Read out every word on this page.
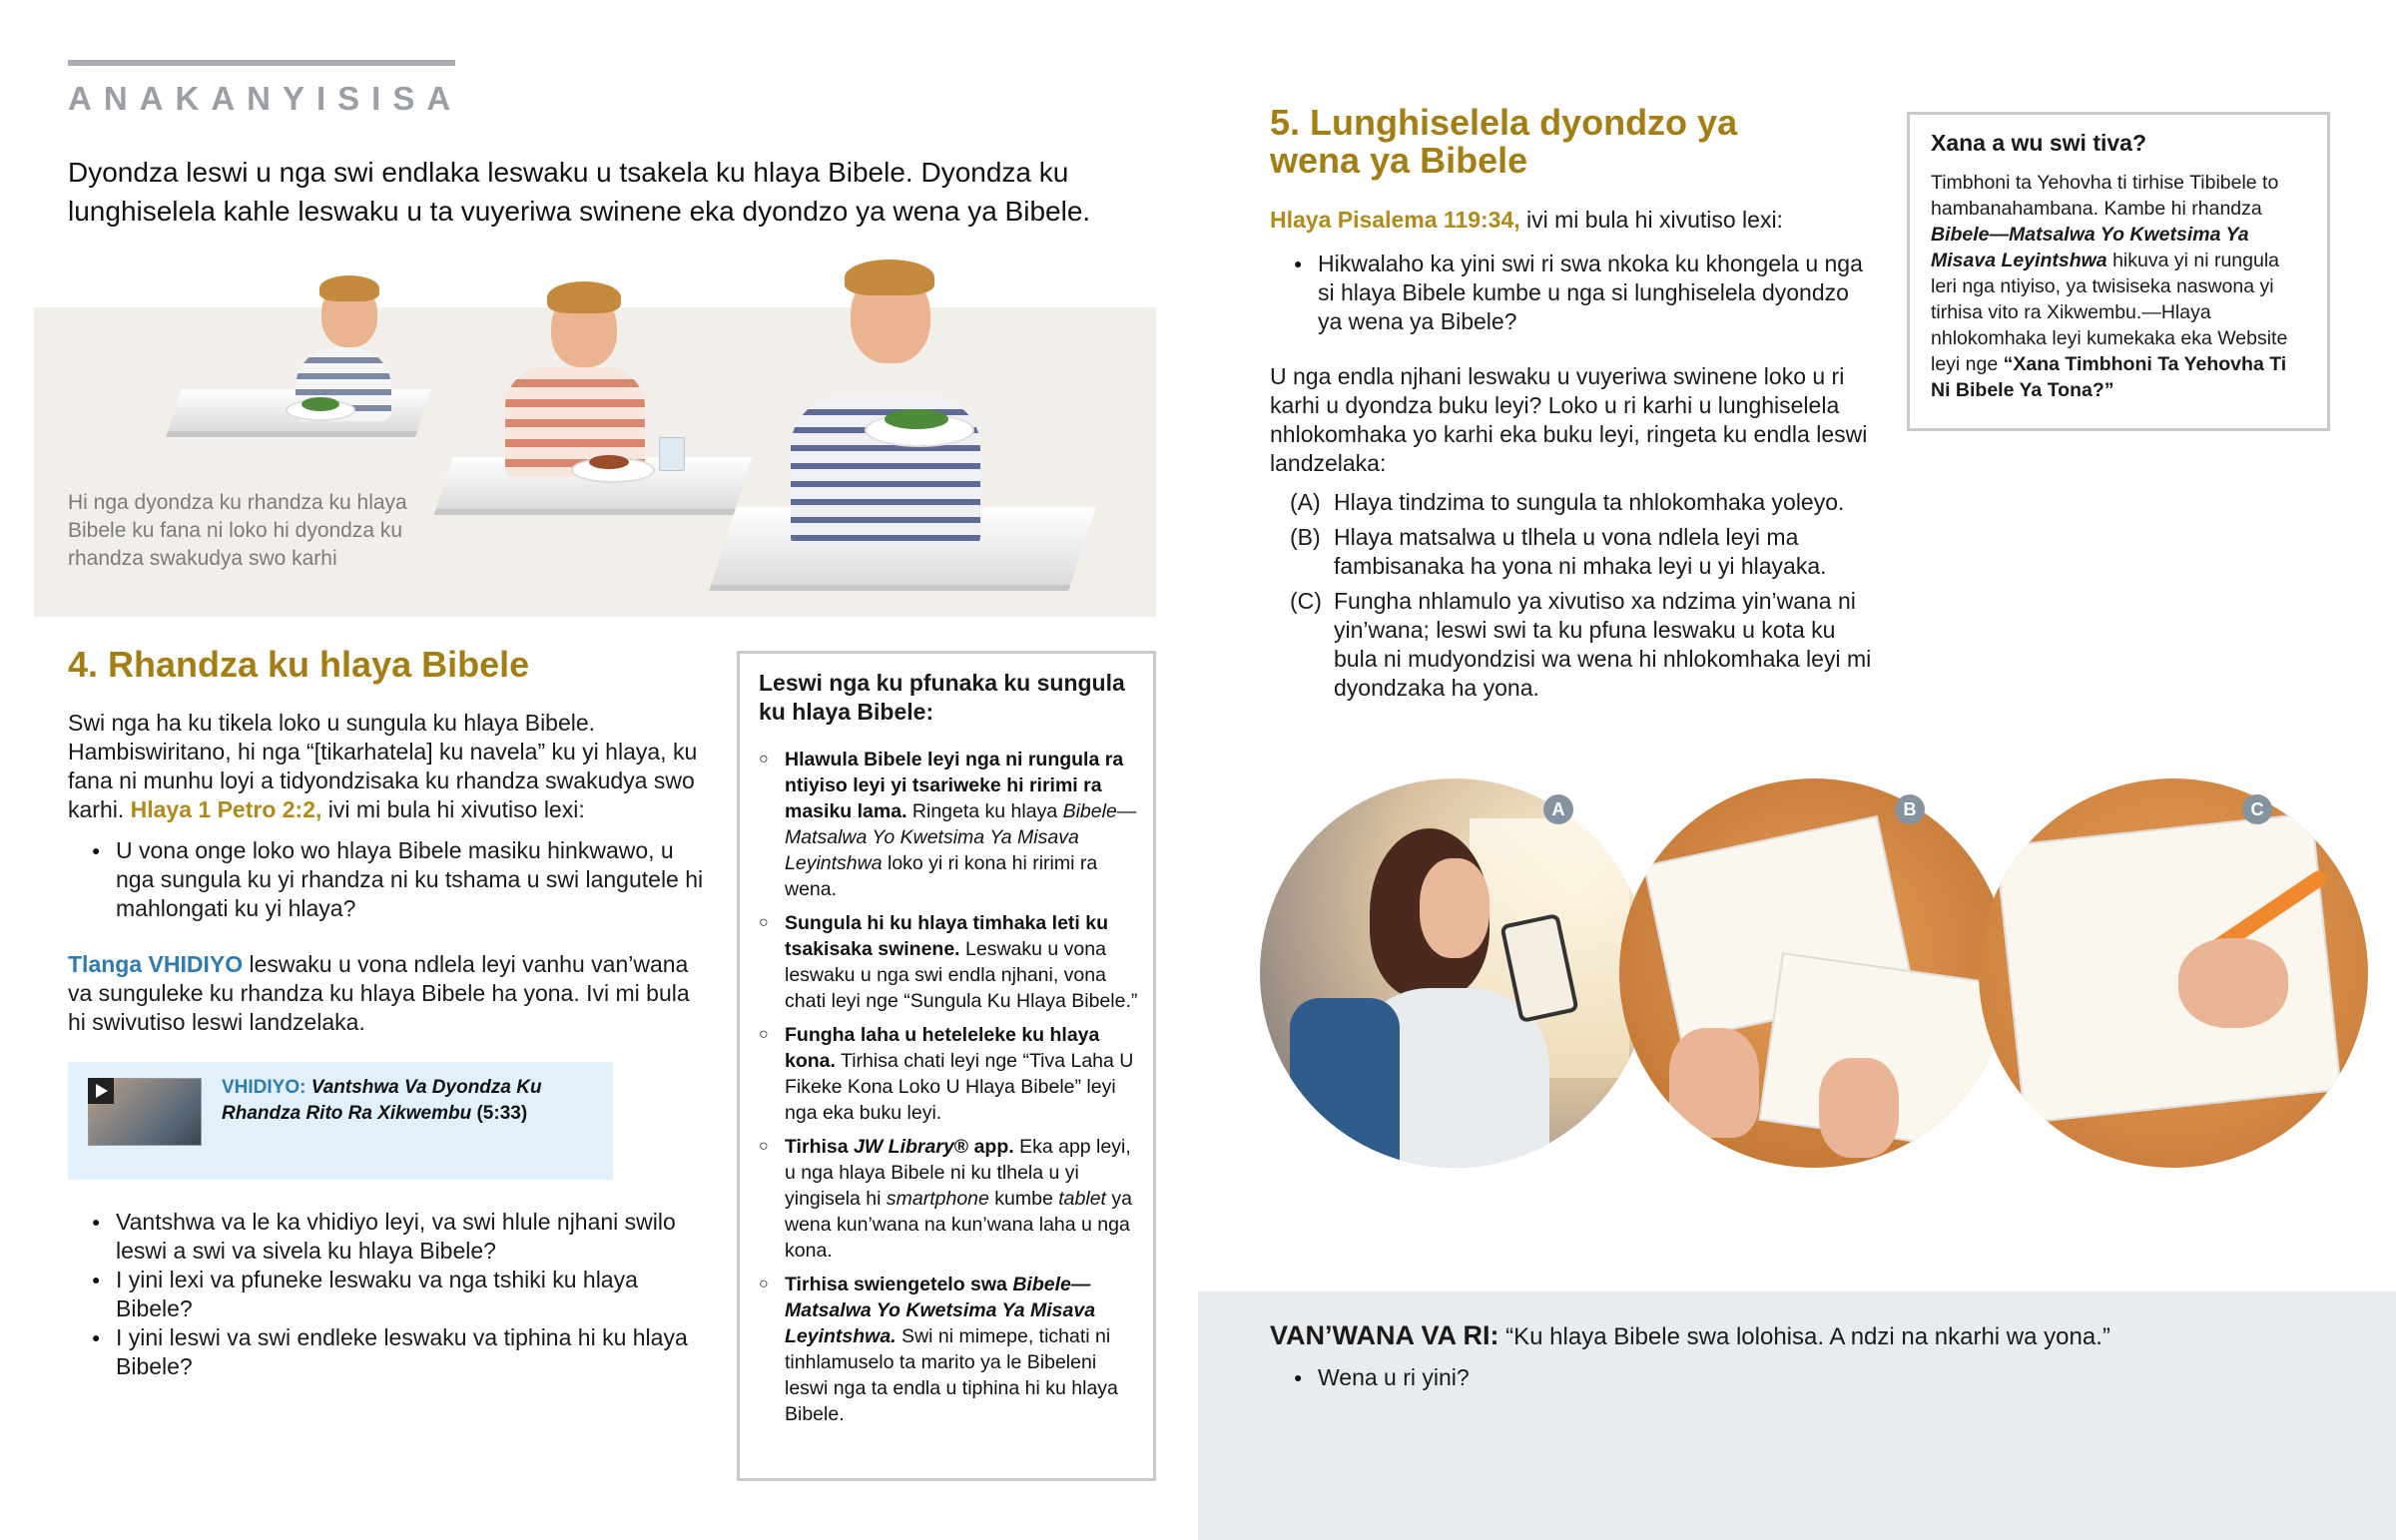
ANAKANYISISA

Dyondza leswi u nga swi endlaka leswaku u tsakela ku hlaya Bibele. Dyondza ku lunghiselela kahle leswaku u ta vuyeriwa swinene eka dyondzo ya wena ya Bibele.

Hi nga dyondza ku rhandza ku hlaya Bibele ku fana ni loko hi dyondza ku rhandza swakudya swo karhi

4. Rhandza ku hlaya Bibele

Swi nga ha ku tikela loko u sungula ku hlaya Bibele. Hambiswiritano, hi nga “[tikarhatela] ku navela” ku yi hlaya, ku fana ni munhu loyi a tidyondzisaka ku rhandza swakudya swo karhi. Hlaya 1 Petro 2:2, ivi mi bula hi xivutiso lexi:

● U vona onge loko wo hlaya Bibele masiku hinkwawo, u nga sungula ku yi rhandza ni ku tshama u swi langutele hi mahlongati ku yi hlaya?

Tlanga VHIDIYO leswaku u vona ndlela leyi vanhu van’wana va sunguleke ku rhandza ku hlaya Bibele ha yona. Ivi mi bula hi swivutiso leswi landzelaka.

VHIDIYO: Vantshwa Va Dyondza Ku Rhandza Rito Ra Xikwembu (5:33)

● Vantshwa va le ka vhidiyo leyi, va swi hlule njhani swilo leswi a swi va sivela ku hlaya Bibele?
● I yini lexi va pfuneke leswaku va nga tshiki ku hlaya Bibele?
● I yini leswi va swi endleke leswaku va tiphina hi ku hlaya Bibele?
Leswi nga ku pfunaka ku sungula ku hlaya Bibele:
○ Hlawula Bibele leyi nga ni rungula ra ntiyiso leyi yi tsariweke hi ririmi ra masiku lama. Ringeta ku hlaya Bibele—Matsalwa Yo Kwetsima Ya Misava Leyintshwa loko yi ri kona hi ririmi ra wena.
○ Sungula hi ku hlaya timhaka leti ku tsakisaka swinene. Leswaku u vona leswaku u nga swi endla njhani, vona chati leyi nge “Sungula Ku Hlaya Bibele.”
○ Fungha laha u heteleleke ku hlaya kona. Tirhisa chati leyi nge “Tiva Laha U Fikeke Kona Loko U Hlaya Bibele” leyi nga eka buku leyi.
○ Tirhisa JW Library® app. Eka app leyi, u nga hlaya Bibele ni ku tlhela u yi yingisela hi smartphone kumbe tablet ya wena kun’wana na kun’wana laha u nga kona.
○ Tirhisa swiengetelo swa Bibele—Matsalwa Yo Kwetsima Ya Misava Leyintshwa. Swi ni mimepe, tichati ni tinhlamuselo ta marito ya le Bibeleni leswi nga ta endla u tiphina hi ku hlaya Bibele.
5. Lunghiselela dyondzo ya wena ya Bibele

Hlaya Pisalema 119:34, ivi mi bula hi xivutiso lexi:

● Hikwalaho ka yini swi ri swa nkoka ku khongela u nga si hlaya Bibele kumbe u nga si lunghiselela dyondzo ya wena ya Bibele?

U nga endla njhani leswaku u vuyeriwa swinene loko u ri karhi u dyondza buku leyi? Loko u ri karhi u lunghiselela nhlokomhaka yo karhi eka buku leyi, ringeta ku endla leswi landzelaka:

(A) Hlaya tindzima to sungula ta nhlokomhaka yoleyo.
(B) Hlaya matsalwa u tlhela u vona ndlela leyi ma fambisanaka ha yona ni mhaka leyi u yi hlayaka.
(C) Fungha nhlamulo ya xivutiso xa ndzima yin’wana ni yin’wana; leswi swi ta ku pfuna leswaku u kota ku bula ni mudyondzisi wa wena hi nhlokomhaka leyi mi dyondzaka ha yona.
Xana a wu swi tiva?

Timbhoni ta Yehovha ti tirhise Tibibele to hambanahambana. Kambe hi rhandza Bibele—Matsalwa Yo Kwetsima Ya Misava Leyintshwa hikuva yi ni rungula leri nga ntiyiso, ya twisiseka naswona yi tirhisa vito ra Xikwembu.—Hlaya nhlokomhaka leyi kumekaka eka Website leyi nge “Xana Timbhoni Ta Yehovha Ti Ni Bibele Ya Tona?”

A	B	C

VAN’WANA VA RI: “Ku hlaya Bibele swa lolohisa. A ndzi na nkarhi wa yona.”

● Wena u ri yini?
